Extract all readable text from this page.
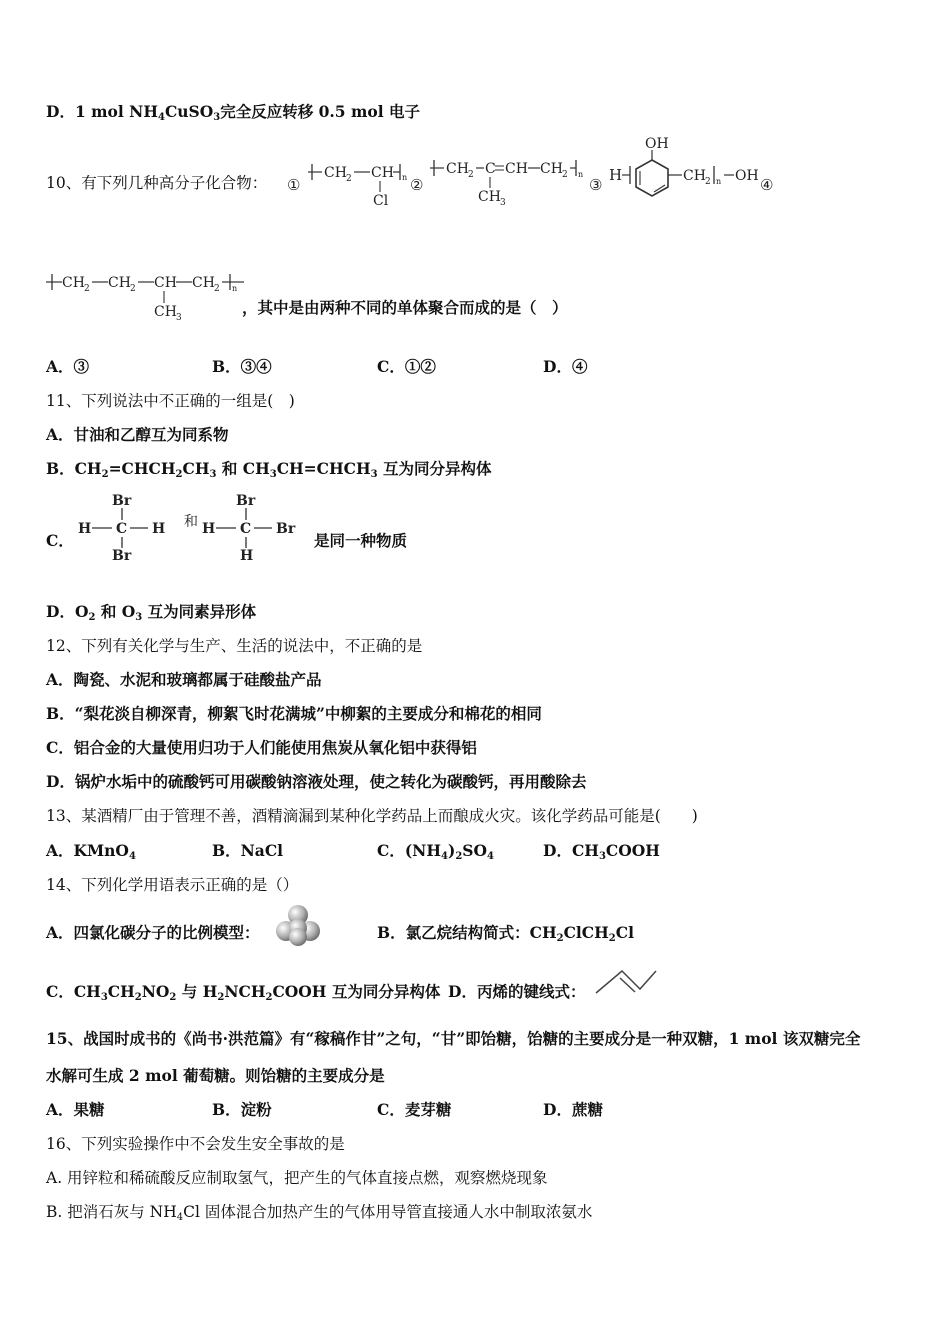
D．1 mol $NH_4CuSO_3$完全反应转移 0.5 mol 电子
10、有下列几种高分子化合物： ①
CH 2 CH n
Cl
②
CH 2 C CH CH 2 n
CH 3
③
H
OH
CH 2 n OH ④
CH 2 CH 2 CH CH 2 n
CH 3
，其中是由两种不同的单体聚合而成的是（　）
A．③	B．③④	C．①②	D．④
11、下列说法中不正确的一组是(　)
A．甘油和乙醇互为同系物
B．$CH_2=CHCH_2CH_3$ 和 $CH_3CH=CHCH_3$ 互为同分异构体
C．
Br
H C H
Br
和
Br
H C Br
H
是同一种物质
D．$O_2$ 和 $O_3$ 互为同素异形体
12、下列有关化学与生产、生活的说法中，不正确的是
A．陶瓷、水泥和玻璃都属于硅酸盐产品
B．“梨花淡自柳深青，柳絮飞时花满城”中柳絮的主要成分和棉花的相同
C．铝合金的大量使用归功于人们能使用焦炭从氧化铝中获得铝
D．锅炉水垢中的硫酸钙可用碳酸钠溶液处理，使之转化为碳酸钙，再用酸除去
13、某酒精厂由于管理不善，酒精滴漏到某种化学药品上而酿成火灾。该化学药品可能是(　　)
A．KMnO$_4$	B．NaCl	C．$(NH_4)_2SO_4$	D．$CH_3COOH$
14、下列化学用语表示正确的是（）
A．四氯化碳分子的比例模型：	B．氯乙烷结构简式：$CH_2ClCH_2Cl$
C．$CH_3CH_2NO_2$ 与 $H_2NCH_2COOH$ 互为同分异构体 D．丙烯的键线式：
15、战国时成书的《尚书·洪范篇》有“稼稿作甘”之句，“甘”即饴糖，饴糖的主要成分是一种双糖，1 mol 该双糖完全
水解可生成 2 mol 葡萄糖。则饴糖的主要成分是
A．果糖	B．淀粉	C．麦芽糖	D．蔗糖
16、下列实验操作中不会发生安全事故的是
A. 用锌粒和稀硫酸反应制取氢气，把产生的气体直接点燃，观察燃烧现象
B. 把消石灰与 $NH_4Cl$ 固体混合加热产生的气体用导管直接通人水中制取浓氨水
